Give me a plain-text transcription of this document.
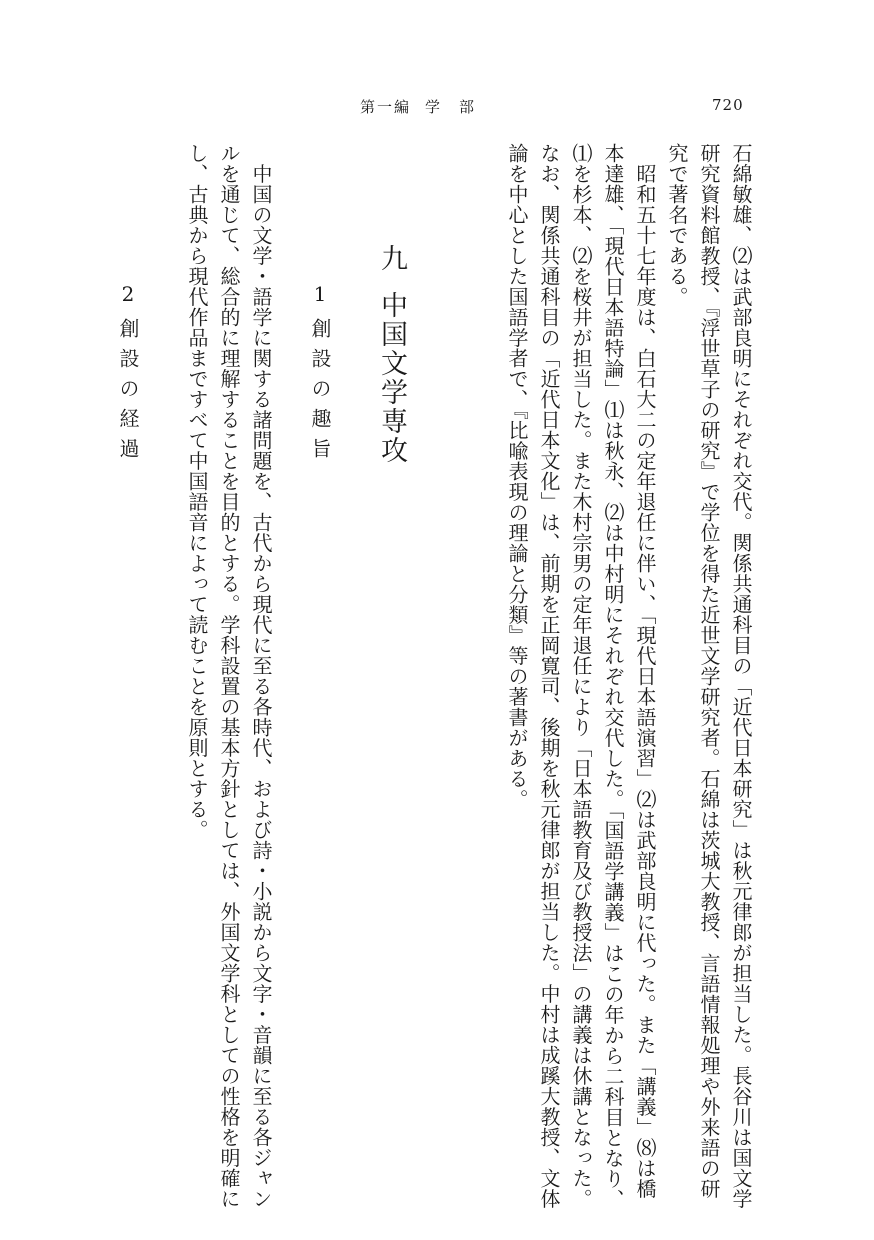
第一編 学　部	720
石綿敏雄、⑵は武部良明にそれぞれ交代。関係共通科目の「近代日本研究」は秋元律郎が担当した。長谷川は国文学
研究資料館教授、『浮世草子の研究』で学位を得た近世文学研究者。石綿は茨城大教授、言語情報処理や外来語の研
究で著名である。
　昭和五十七年度は、白石大二の定年退任に伴い、「現代日本語演習」⑵は武部良明に代った。また「講義」⑻は橋
本達雄、「現代日本語特論」⑴は秋永、⑵は中村明にそれぞれ交代した。「国語学講義」はこの年から二科目となり、
⑴を杉本、⑵を桜井が担当した。また木村宗男の定年退任により「日本語教育及び教授法」の講義は休講となった。
なお、関係共通科目の「近代日本文化」は、前期を正岡寛司、後期を秋元律郎が担当した。中村は成蹊大教授、文体
論を中心とした国語学者で、『比喩表現の理論と分類』等の著書がある。
九中国文学専攻
1創設の趣旨
　中国の文学・語学に関する諸問題を、古代から現代に至る各時代、および詩・小説から文字・音韻に至る各ジャン
ルを通じて、総合的に理解することを目的とする。学科設置の基本方針としては、外国文学科としての性格を明確に
し、古典から現代作品まですべて中国語音によって読むことを原則とする。
2創設の経過
